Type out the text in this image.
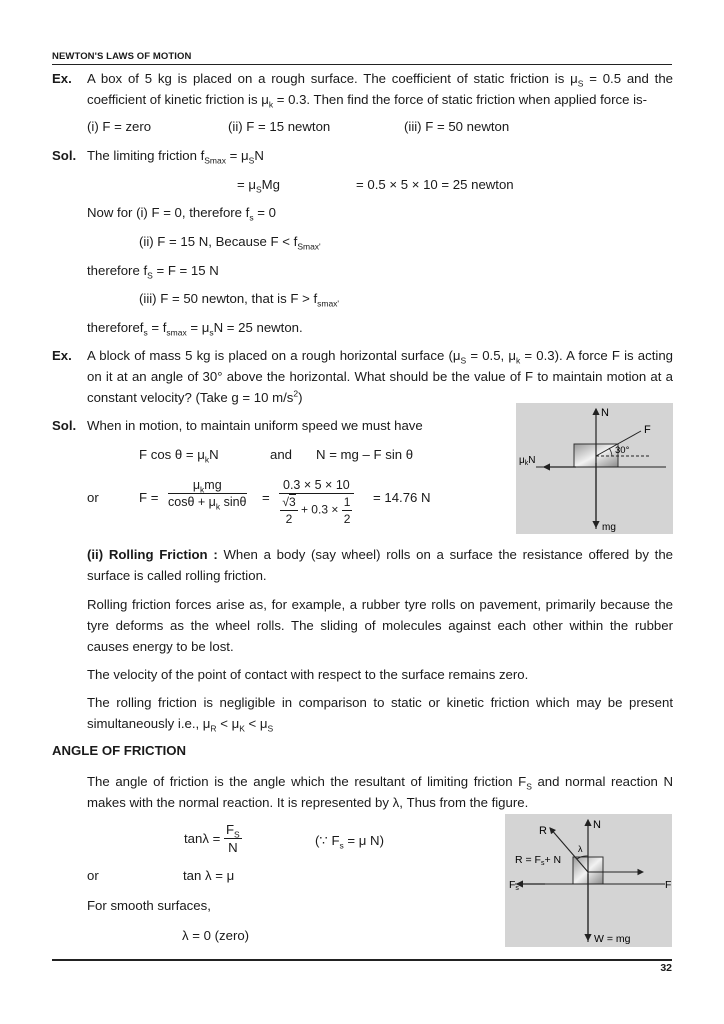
NEWTON'S LAWS OF MOTION
Ex. A box of 5 kg is placed on a rough surface. The coefficient of static friction is $\mu_S = 0.5$ and the coefficient of kinetic friction is $\mu_k = 0.3$. Then find the force of static friction when applied force is-
(i) F = zero	(ii) F = 15 newton	(iii) F = 50 newton
Sol. The limiting friction $f_{Smax} = \mu_SN$
= $\mu_SMg$	= 0.5 × 5 × 10 = 25 newton
Now for (i) F = 0, therefore $f_s = 0$
(ii) F = 15 N, Because $F < f_{Smax'}$
therefore $f_S = F = 15$ N
(iii) F = 50 newton, that is $F > f_{smax'}$
thereforef$_s$ = $f_{smax} = \mu_sN = 25$ newton.
Ex. A block of mass 5 kg is placed on a rough horizontal surface ($\mu_S = 0.5$, $\mu_k = 0.3$). A force F is acting on it at an angle of 30° above the horizontal. What should be the value of F to maintain motion at a constant velocity? (Take g = 10 $m/s^2$)
Sol. When in motion, to maintain uniform speed we must have
F $\cos \theta = \mu_kN$	and N = mg – F sin θ
or	$F = \frac{\mu_kmg}{\cos\theta + \mu_k \sin\theta} = \frac{0.3 \times 5 \times 10}{\frac{√3}{2} + 0.3 \times \frac{1}{2}} = 14.76$ N
N
F
30°
$\mu_kN$
mg
(ii) Rolling Friction : When a body (say wheel) rolls on a surface the resistance offered by the surface is called rolling friction.
Rolling friction forces arise as, for example, a rubber tyre rolls on pavement, primarily because the tyre deforms as the wheel rolls. The sliding of molecules against each other within the rubber causes energy to be lost.
The velocity of the point of contact with respect to the surface remains zero.
The rolling friction is negligible in comparison to static or kinetic friction which may be present simultaneously i.e., $\mu_R < \mu_K < \mu_S$
ANGLE OF FRICTION
The angle of friction is the angle which the resultant of limiting friction $F_S$ and normal reaction N makes with the normal reaction. It is represented by λ, Thus from the figure.
$\tan\lambda = \frac{F_S}{N}$	(∵ $F_s = \mu$ N)
or	tan λ = μ
For smooth surfaces,
λ = 0 (zero)
N
R
λ
R = Fs+ N
Fs	F
W = mg
32
